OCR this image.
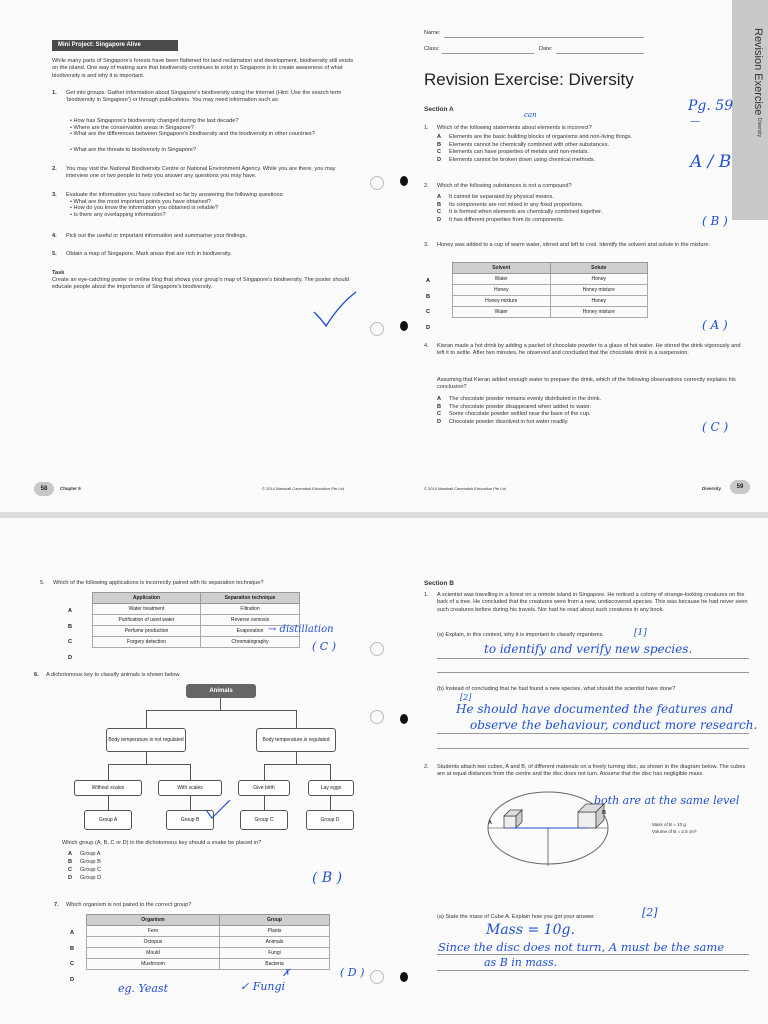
Mini Project: Singapore Alive
While many parts of Singapore's forests have been flattened for land reclamation and development, biodiversity still exists on the island. One way of making sure that biodiversity continues to exist in Singapore is to create awareness of what biodiversity is and why it is important.
1. Get into groups. Gather information about Singapore's biodiversity using the Internet (Hint: Use the search term 'biodiversity in Singapore') or through publications. You may need information such as:
• How has Singapore's biodiversity changed during the last decade?
• Where are the conservation areas in Singapore?
• What are the differences between Singapore's biodiversity and the biodiversity in other countries?
• What are the threats to biodiversity in Singapore?
2. You may visit the National Biodiversity Centre or National Environment Agency. While you are there, you may interview one or two people to help you answer any questions you may have.
3. Evaluate the information you have collected so far by answering the following questions:
• What are the most important points you have obtained?
• How do you know the information you obtained is reliable?
• Is there any overlapping information?
4. Pick out the useful or important information and summarise your findings.
5. Obtain a map of Singapore. Mark areas that are rich in biodiversity.
Task
Create an eye-catching poster or online blog that shows your group's map of Singapore's biodiversity. The poster should educate people about the importance of Singapore's biodiversity.
58	Chapter 5	© 2014 Marshall Cavendish Education Pte Ltd
Revision Exercise
Diversity
Name:
Class:	Date:
Revision Exercise: Diversity
Section A	Pg. 59
—
1. Which of the following statements about elements is incorrect?
can
A Elements are the basic building blocks of organisms and non-living things.
B Elements cannot be chemically combined with other substances.
C Elements can have properties of metals and non-metals.
D Elements cannot be broken down using chemical methods.	A / B
2. Which of the following substances is not a compound?
A It cannot be separated by physical means.
B Its components are not mixed in any fixed proportions.
C It is formed when elements are chemically combined together.
D It has different properties from its components.	( B )
3. Honey was added to a cup of warm water, stirred and left to cool. Identify the solvent and solute in the mixture.
Solvent	Solute
Water	Honey
Honey	Honey mixture
Honey mixture	Honey
Water	Honey mixture
A
B
C
D	( A )
4. Kieran made a hot drink by adding a packet of chocolate powder to a glass of hot water. He stirred the drink vigorously and left it to settle. After two minutes, he observed and concluded that the chocolate drink is a suspension.
Assuming that Kieran added enough water to prepare the drink, which of the following observations correctly explains his conclusion?
A The chocolate powder remains evenly distributed in the drink.
B The chocolate powder disappeared when added to water.
C Some chocolate powder settled near the base of the cup.
D Chocolate powder dissolved in hot water readily.	( C )
© 2014 Marshall Cavendish Education Pte Ltd	Diversity	59
5. Which of the following applications is incorrectly paired with its separation technique?
Application	Separation technique
Water treatment	Filtration
Purification of used water	Reverse osmosis
Perfume production	Evaporation
Forgery detection	Chromatography
A
B
C
D
→ distillation
( C )
6. A dichotomous key to classify animals is shown below.
Animals
Body temperature is not regulated	Body temperature is regulated
Without scales	With scales	Give birth	Lay eggs
Group A	Group B	Group C	Group D
Which group (A, B, C or D) in the dichotomous key should a snake be placed in?
A Group A
B Group B
C Group C
D Group D	( B )
7. Which organism is not paired to the correct group?
Organism	Group
Fern	Plants
Octopus	Animals
Mould	Fungi
Mushroom	Bacteria
A
B
C
D
✗	( D )
eg. Yeast	✓ Fungi
Section B
1. A scientist was travelling in a forest on a remote island in Singapore. He noticed a colony of strange-looking creatures on the bark of a tree. He concluded that the creatures were from a new, undiscovered species. This was because he had never seen such creatures before during his travels. Nor had he read about such creatures in any book.
(a) Explain, in this context, why it is important to classify organisms.	[1]
to identify and verify new species.
(b) Instead of concluding that he had found a new species, what should the scientist have done?
[2]
He should have documented the features and
observe the behaviour, conduct more research.
2. Students attach two cubes, A and B, of different materials on a freely turning disc, as shown in the diagram below. The cubes are at equal distances from the centre and the disc does not turn. Assume that the disc has negligible mass.
A
B
both are at the same level
Mass of B = 10 g
Volume of B = 2.5 cm³
(a) State the mass of Cube A. Explain how you got your answer.	[2]
Mass = 10g.
Since the disc does not turn, A must be the same
as B in mass.
